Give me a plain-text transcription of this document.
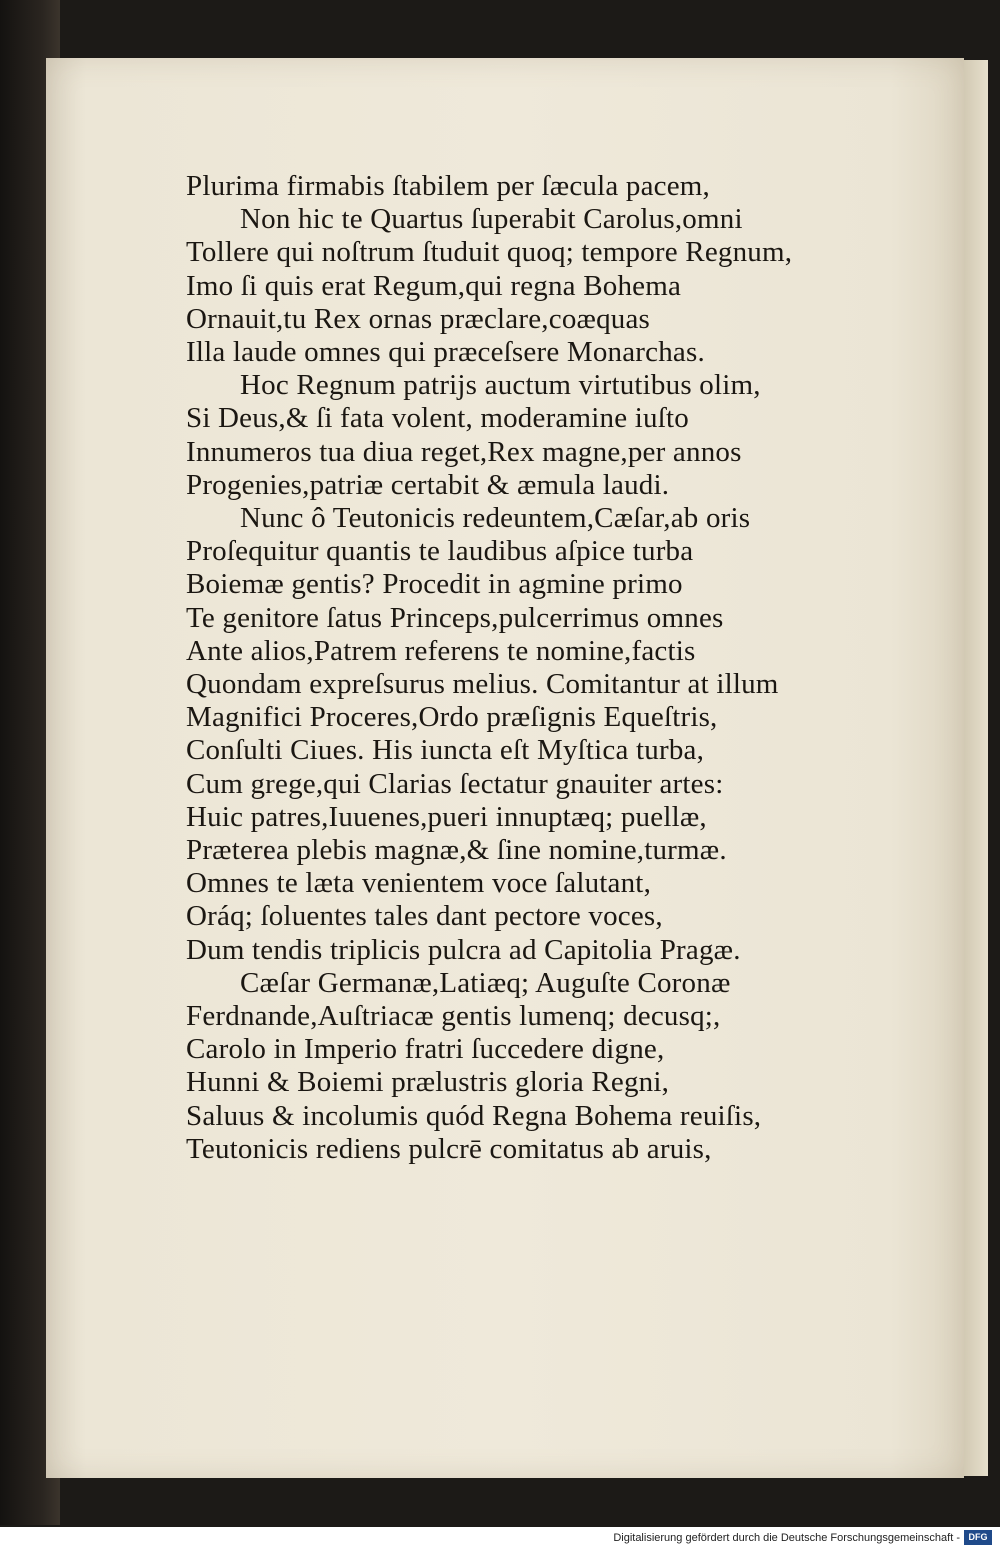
Plurima firmabis ſtabilem per ſæcula pacem,
Non hic te Quartus ſuperabit Carolus,omni
Tollere qui noſtrum ſtuduit quoq; tempore Regnum,
Imo ſi quis erat Regum,qui regna Bohema
Ornauit,tu Rex ornas præclare,coæquas
Illa laude omnes qui præceſsere Monarchas.
Hoc Regnum patrijs auctum virtutibus olim,
Si Deus,& ſi fata volent, moderamine iuſto
Innumeros tua diua reget,Rex magne,per annos
Progenies,patriæ certabit & æmula laudi.
Nunc ô Teutonicis redeuntem,Cæſar,ab oris
Proſequitur quantis te laudibus aſpice turba
Boiemæ gentis? Procedit in agmine primo
Te genitore ſatus Princeps,pulcerrimus omnes
Ante alios,Patrem referens te nomine,factis
Quondam expreſsurus melius. Comitantur at illum
Magnifici Proceres,Ordo præſignis Equeſtris,
Conſulti Ciues. His iuncta eſt Myſtica turba,
Cum grege,qui Clarias ſectatur gnauiter artes:
Huic patres,Iuuenes,pueri innuptæq; puellæ,
Præterea plebis magnæ,& ſine nomine,turmæ.
Omnes te læta venientem voce ſalutant,
Oráq; ſoluentes tales dant pectore voces,
Dum tendis triplicis pulcra ad Capitolia Pragæ.
Cæſar Germanæ,Latiæq; Auguſte Coronæ
Ferdnande,Auſtriacæ gentis lumenq; decusq;,
Carolo in Imperio fratri ſuccedere digne,
Hunni & Boiemi prælustris gloria Regni,
Saluus & incolumis quód Regna Bohema reuiſis,
Teutonicis rediens pulcrē comitatus ab aruis,
Digitalisierung gefördert durch die Deutsche Forschungsgemeinschaft - DFG
